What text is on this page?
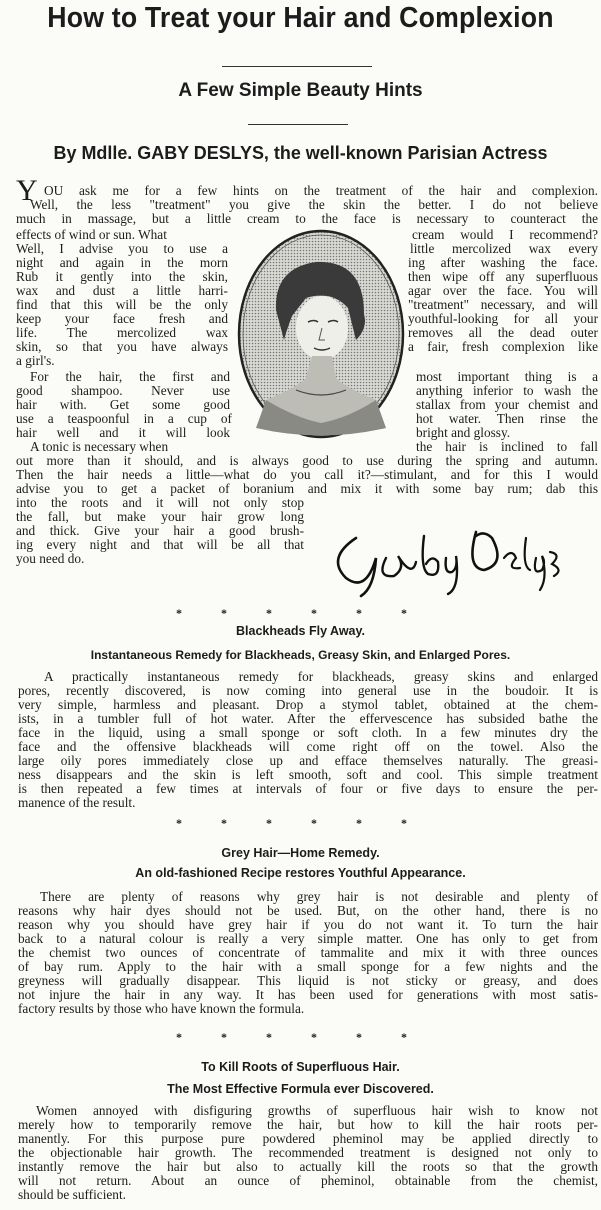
How to Treat your Hair and Complexion
A Few Simple Beauty Hints
By Mdlle. GABY DESLYS, the well-known Parisian Actress
Y OU ask me for a few hints on the treatment of the hair and complexion.
Well, the less "treatment" you give the skin the better. I do not believe
much in massage, but a little cream to the face is necessary to counteract the
effects of wind or sun. What
Well, I advise you to use a
night and again in the morn
Rub it gently into the skin,
wax and dust a little harri-
find that this will be the only
keep your face fresh and
life. The mercolized wax
skin, so that you have always
a girl's.
For the hair, the first and
good shampoo. Never use
hair with. Get some good
use a teaspoonful in a cup of
hair well and it will look
A tonic is necessary when
cream would I recommend?
little mercolized wax every
ing after washing the face.
then wipe off any superfluous
agar over the face. You will
"treatment" necessary, and will
youthful-looking for all your
removes all the dead outer
a fair, fresh complexion like
most important thing is a
anything inferior to wash the
stallax from your chemist and
hot water. Then rinse the
bright and glossy.
the hair is inclined to fall
out more than it should, and is always good to use during the spring and autumn.
Then the hair needs a little—what do you call it?—stimulant, and for this I would
advise you to get a packet of boranium and mix it with some bay rum; dab this
into the roots and it will not only stop
the fall, but make your hair grow long
and thick. Give your hair a good brush-
ing every night and that will be all that
you need do.
* * * * * *
Blackheads Fly Away.
Instantaneous Remedy for Blackheads, Greasy Skin, and Enlarged Pores.
A practically instantaneous remedy for blackheads, greasy skins and enlarged
pores, recently discovered, is now coming into general use in the boudoir. It is
very simple, harmless and pleasant. Drop a stymol tablet, obtained at the chem-
ists, in a tumbler full of hot water. After the effervescence has subsided bathe the
face in the liquid, using a small sponge or soft cloth. In a few minutes dry the
face and the offensive blackheads will come right off on the towel. Also the
large oily pores immediately close up and efface themselves naturally. The greasi-
ness disappears and the skin is left smooth, soft and cool. This simple treatment
is then repeated a few times at intervals of four or five days to ensure the per-
manence of the result.
* * * * * *
Grey Hair—Home Remedy.
An old-fashioned Recipe restores Youthful Appearance.
There are plenty of reasons why grey hair is not desirable and plenty of
reasons why hair dyes should not be used. But, on the other hand, there is no
reason why you should have grey hair if you do not want it. To turn the hair
back to a natural colour is really a very simple matter. One has only to get from
the chemist two ounces of concentrate of tammalite and mix it with three ounces
of bay rum. Apply to the hair with a small sponge for a few nights and the
greyness will gradually disappear. This liquid is not sticky or greasy, and does
not injure the hair in any way. It has been used for generations with most satis-
factory results by those who have known the formula.
* * * * * *
To Kill Roots of Superfluous Hair.
The Most Effective Formula ever Discovered.
Women annoyed with disfiguring growths of superfluous hair wish to know not
merely how to temporarily remove the hair, but how to kill the hair roots per-
manently. For this purpose pure powdered pheminol may be applied directly to
the objectionable hair growth. The recommended treatment is designed not only to
instantly remove the hair but also to actually kill the roots so that the growth
will not return. About an ounce of pheminol, obtainable from the chemist,
should be sufficient.
